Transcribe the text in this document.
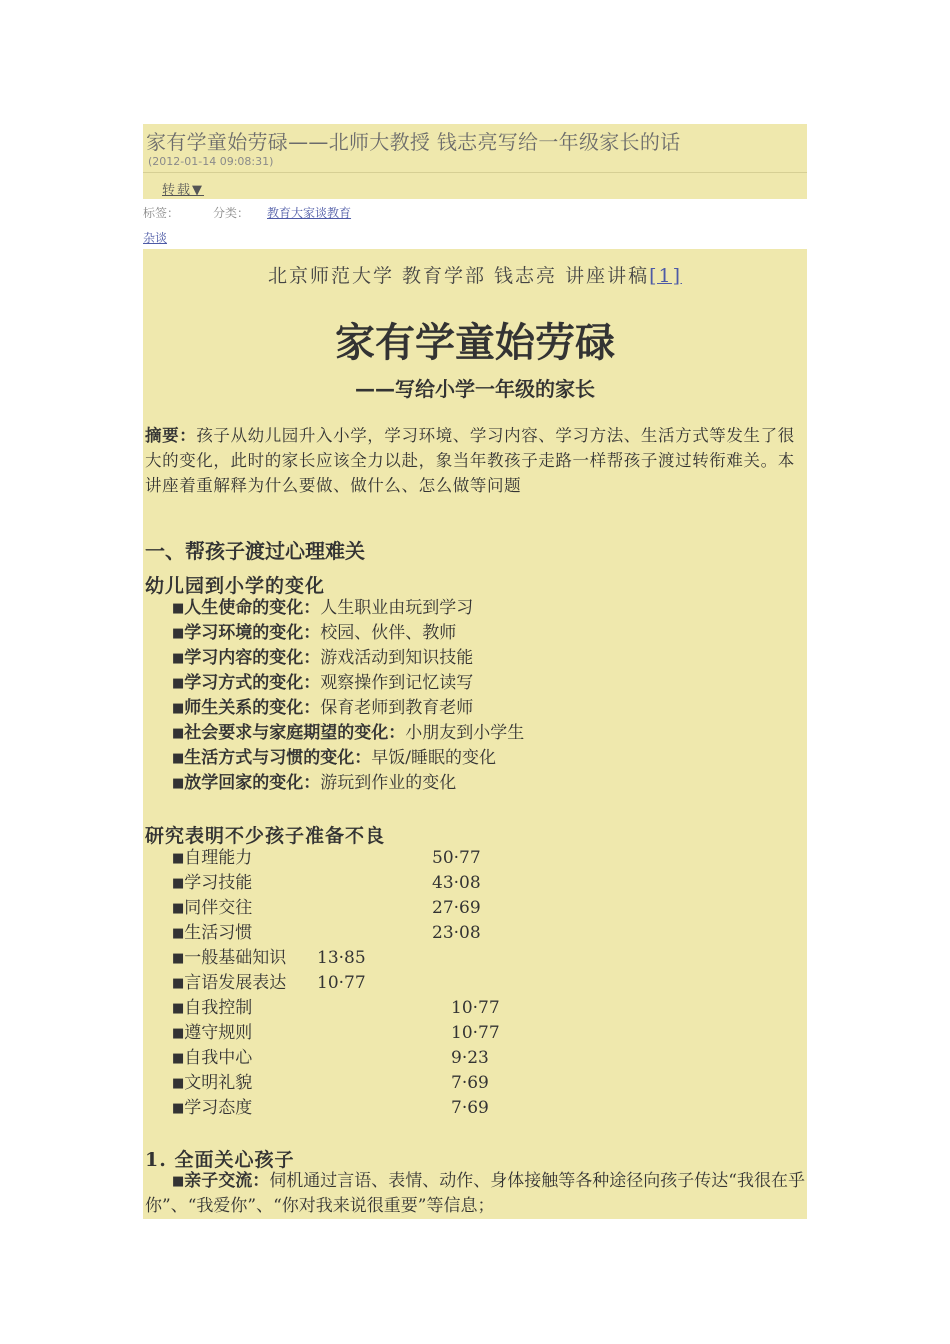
家有学童始劳碌——北师大教授 钱志亮写给一年级家长的话
(2012-01-14 09:08:31)
转载▼
标签：	分类： 教育大家谈教育
杂谈
北京师范大学 教育学部 钱志亮 讲座讲稿[1]
家有学童始劳碌
——写给小学一年级的家长
摘要：孩子从幼儿园升入小学，学习环境、学习内容、学习方法、生活方式等发生了很大的变化，此时的家长应该全力以赴，象当年教孩子走路一样帮孩子渡过转衔难关。本讲座着重解释为什么要做、做什么、怎么做等问题
一、帮孩子渡过心理难关
幼儿园到小学的变化
■人生使命的变化：人生职业由玩到学习
■学习环境的变化：校园、伙伴、教师
■学习内容的变化：游戏活动到知识技能
■学习方式的变化：观察操作到记忆读写
■师生关系的变化：保育老师到教育老师
■社会要求与家庭期望的变化：小朋友到小学生
■生活方式与习惯的变化：早饭/睡眠的变化
■放学回家的变化：游玩到作业的变化
研究表明不少孩子准备不良
■自理能力	50·77
■学习技能	43·08
■同伴交往	27·69
■生活习惯	23·08
■一般基础知识 13·85
■言语发展表达 10·77
■自我控制	10·77
■遵守规则	10·77
■自我中心	9·23
■文明礼貌	7·69
■学习态度	7·69
1. 全面关心孩子
■亲子交流：伺机通过言语、表情、动作、身体接触等各种途径向孩子传达“我很在乎你”、“我爱你”、“你对我来说很重要”等信息；
